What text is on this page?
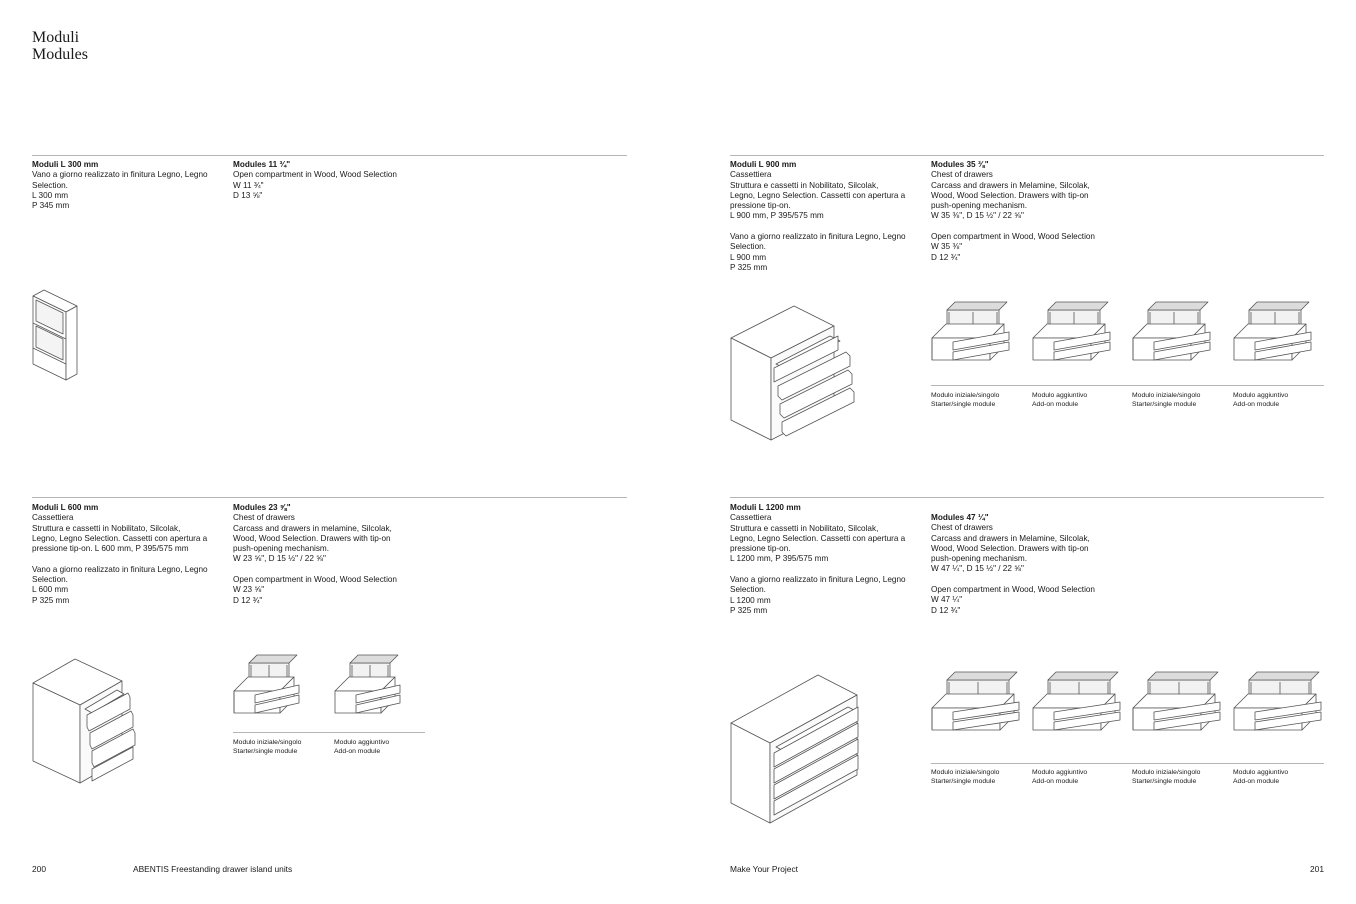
Moduli
Modules
Moduli L 300 mm
Vano a giorno realizzato in finitura Legno, Legno
Selection.
L 300 mm
P 345 mm
Modules 11 ¾"
Open compartment in Wood, Wood Selection
W 11 ¾"
D 13 ⅝"
Moduli L 900 mm
Cassettiera
Struttura e cassetti in Nobilitato, Silcolak,
Legno, Legno Selection. Cassetti con apertura a
pressione tip-on.
L 900 mm, P 395/575 mm
Vano a giorno realizzato in finitura Legno, Legno
Selection.
L 900 mm
P 325 mm
Modules 35 ⅜"
Chest of drawers
Carcass and drawers in Melamine, Silcolak,
Wood, Wood Selection. Drawers with tip-on
push-opening mechanism.
W 35 ⅜", D 15 ½" / 22 ⅝"
Open compartment in Wood, Wood Selection
W 35 ⅜"
D 12 ¾"
Moduli L 600 mm
Cassettiera
Struttura e cassetti in Nobilitato, Silcolak,
Legno, Legno Selection. Cassetti con apertura a
pressione tip-on. L 600 mm, P 395/575 mm
Vano a giorno realizzato in finitura Legno, Legno
Selection.
L 600 mm
P 325 mm
Modules 23 ⅝"
Chest of drawers
Carcass and drawers in melamine, Silcolak,
Wood, Wood Selection. Drawers with tip-on
push-opening mechanism.
W 23 ⅝", D 15 ½" / 22 ⅝"
Open compartment in Wood, Wood Selection
W 23 ⅝"
D 12 ¾"
Moduli L 1200 mm
Cassettiera
Struttura e cassetti in Nobilitato, Silcolak,
Legno, Legno Selection. Cassetti con apertura a
pressione tip-on.
L 1200 mm, P 395/575 mm
Vano a giorno realizzato in finitura Legno, Legno
Selection.
L 1200 mm
P 325 mm
Modules 47 ¼"
Chest of drawers
Carcass and drawers in Melamine, Silcolak,
Wood, Wood Selection. Drawers with tip-on
push-opening mechanism.
W 47 ¼", D 15 ½" / 22 ⅝"
Open compartment in Wood, Wood Selection
W 47 ¼"
D 12 ¾"
Modulo iniziale/singolo
Starter/single module
Modulo aggiuntivo
Add-on module
Modulo iniziale/singolo
Starter/single module
Modulo aggiuntivo
Add-on module
Modulo iniziale/singolo
Starter/single module
Modulo aggiuntivo
Add-on module
Modulo iniziale/singolo
Starter/single module
Modulo aggiuntivo
Add-on module
Modulo iniziale/singolo
Starter/single module
Modulo aggiuntivo
Add-on module
200	ABENTIS Freestanding drawer island units	Make Your Project	201
